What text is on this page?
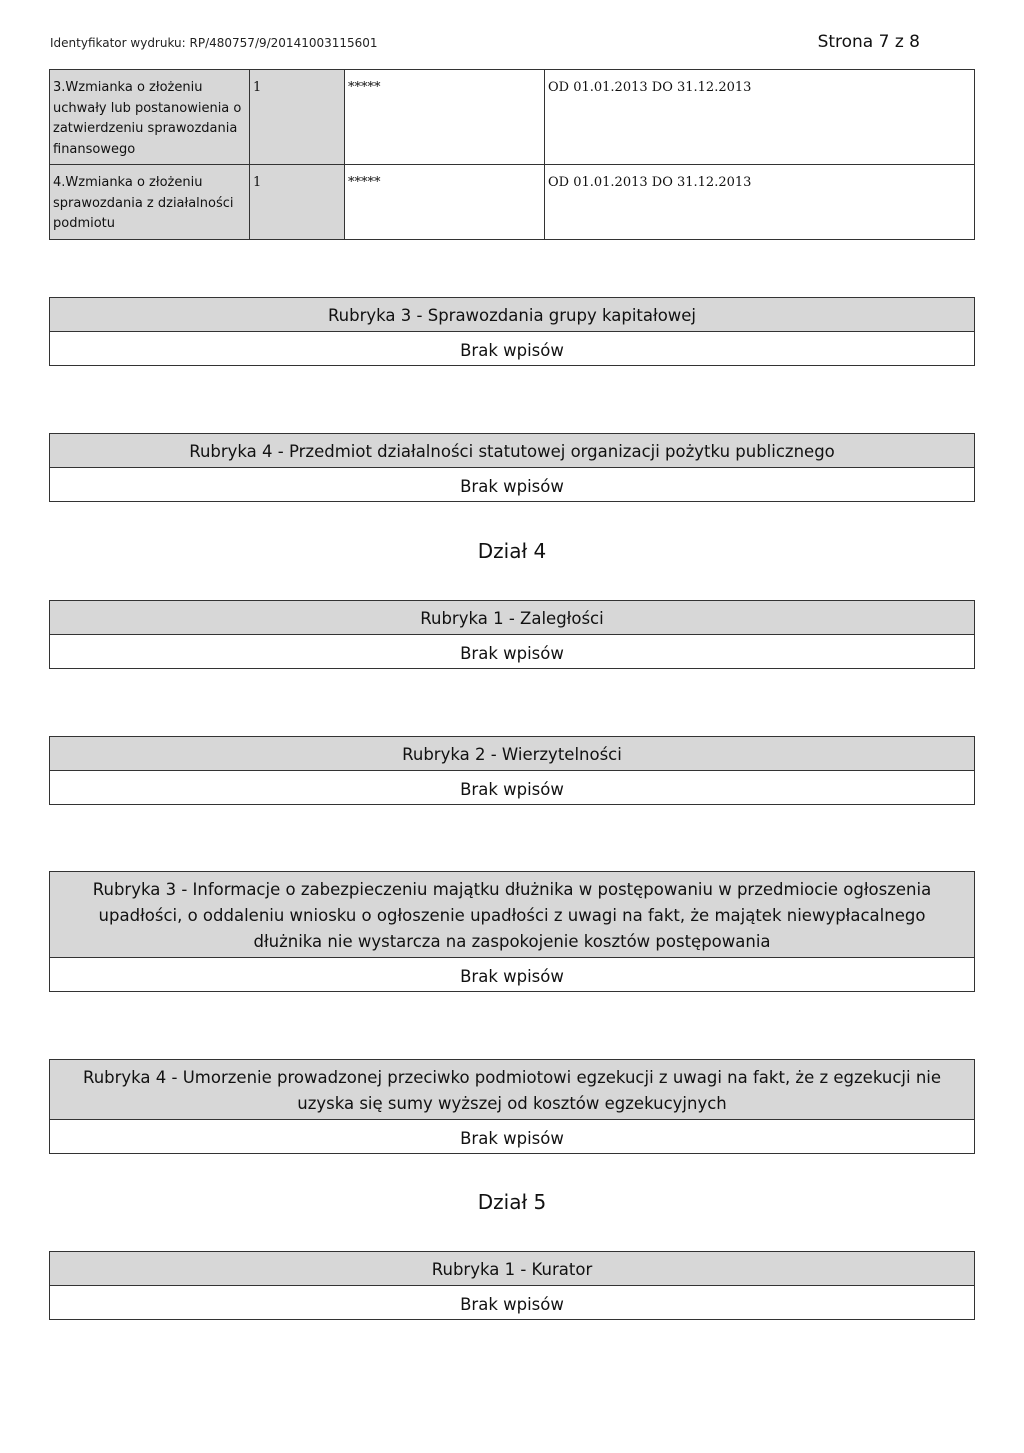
Identyfikator wydruku: RP/480757/9/20141003115601	Strona 7 z 8
3.Wzmianka o złożeniu uchwały lub postanowienia o zatwierdzeniu sprawozdania finansowego	1	*****	OD 01.01.2013 DO 31.12.2013
4.Wzmianka o złożeniu sprawozdania z działalności podmiotu	1	*****	OD 01.01.2013 DO 31.12.2013
Rubryka 3 - Sprawozdania grupy kapitałowej
Brak wpisów
Rubryka 4 - Przedmiot działalności statutowej organizacji pożytku publicznego
Brak wpisów
Dział 4
Rubryka 1 - Zaległości
Brak wpisów
Rubryka 2 - Wierzytelności
Brak wpisów
Rubryka 3 - Informacje o zabezpieczeniu majątku dłużnika w postępowaniu w przedmiocie ogłoszenia upadłości, o oddaleniu wniosku o ogłoszenie upadłości z uwagi na fakt, że majątek niewypłacalnego dłużnika nie wystarcza na zaspokojenie kosztów postępowania
Brak wpisów
Rubryka 4 - Umorzenie prowadzonej przeciwko podmiotowi egzekucji z uwagi na fakt, że z egzekucji nie uzyska się sumy wyższej od kosztów egzekucyjnych
Brak wpisów
Dział 5
Rubryka 1 - Kurator
Brak wpisów
